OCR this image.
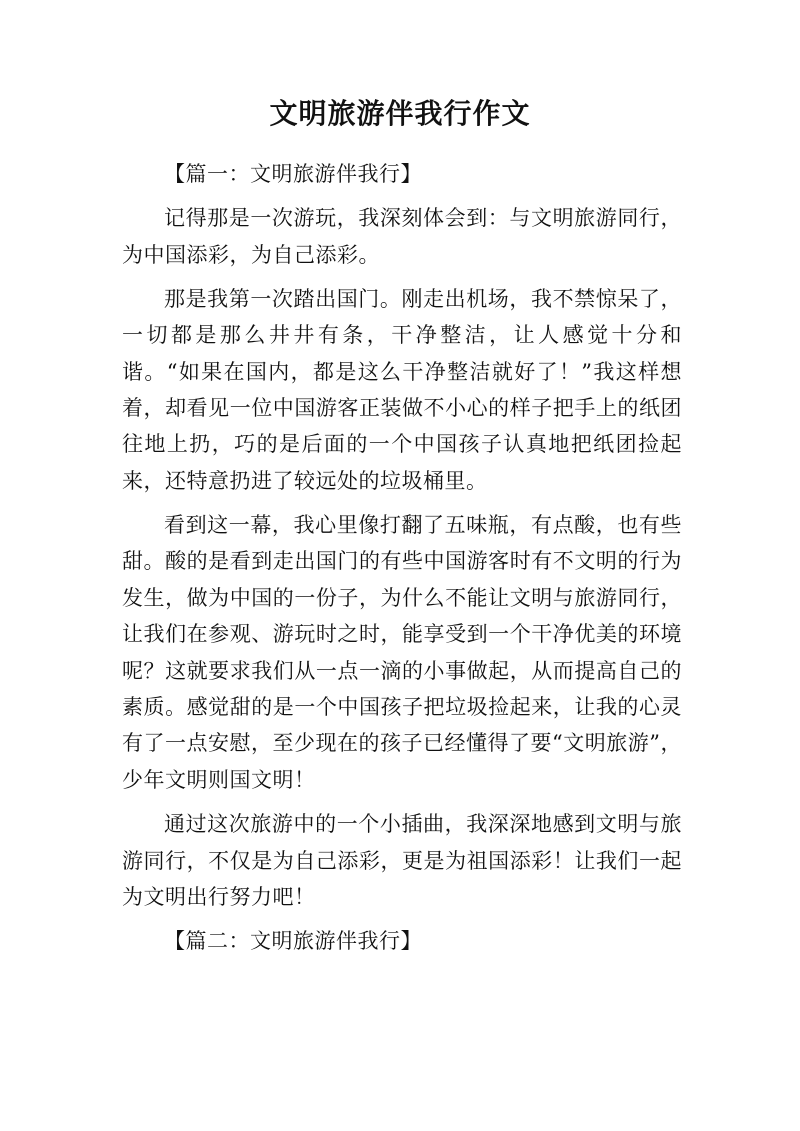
文明旅游伴我行作文

【篇一：文明旅游伴我行】

记得那是一次游玩，我深刻体会到：与文明旅游同行，为中国添彩，为自己添彩。

那是我第一次踏出国门。刚走出机场，我不禁惊呆了，一切都是那么井井有条，干净整洁，让人感觉十分和谐。“如果在国内，都是这么干净整洁就好了！”我这样想着，却看见一位中国游客正装做不小心的样子把手上的纸团往地上扔，巧的是后面的一个中国孩子认真地把纸团捡起来，还特意扔进了较远处的垃圾桶里。

看到这一幕，我心里像打翻了五味瓶，有点酸，也有些甜。酸的是看到走出国门的有些中国游客时有不文明的行为发生，做为中国的一份子，为什么不能让文明与旅游同行，让我们在参观、游玩时之时，能享受到一个干净优美的环境呢？这就要求我们从一点一滴的小事做起，从而提高自己的素质。感觉甜的是一个中国孩子把垃圾捡起来，让我的心灵有了一点安慰，至少现在的孩子已经懂得了要“文明旅游”，少年文明则国文明！

通过这次旅游中的一个小插曲，我深深地感到文明与旅游同行，不仅是为自己添彩，更是为祖国添彩！让我们一起为文明出行努力吧！

【篇二：文明旅游伴我行】
